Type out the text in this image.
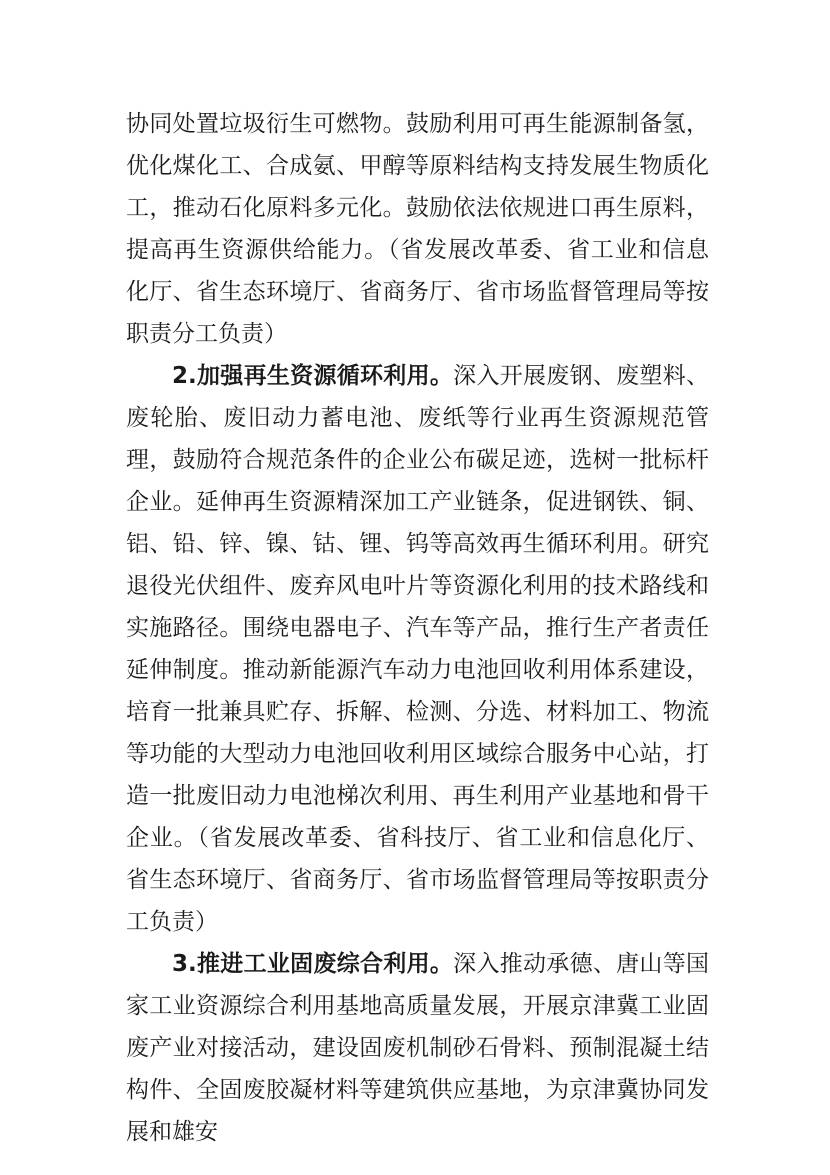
协同处置垃圾衍生可燃物。鼓励利用可再生能源制备氢，优化煤化工、合成氨、甲醇等原料结构支持发展生物质化工，推动石化原料多元化。鼓励依法依规进口再生原料，提高再生资源供给能力。（省发展改革委、省工业和信息化厅、省生态环境厅、省商务厅、省市场监督管理局等按职责分工负责）

2.加强再生资源循环利用。深入开展废钢、废塑料、废轮胎、废旧动力蓄电池、废纸等行业再生资源规范管理，鼓励符合规范条件的企业公布碳足迹，选树一批标杆企业。延伸再生资源精深加工产业链条，促进钢铁、铜、铝、铅、锌、镍、钴、锂、钨等高效再生循环利用。研究退役光伏组件、废弃风电叶片等资源化利用的技术路线和实施路径。围绕电器电子、汽车等产品，推行生产者责任延伸制度。推动新能源汽车动力电池回收利用体系建设，培育一批兼具贮存、拆解、检测、分选、材料加工、物流等功能的大型动力电池回收利用区域综合服务中心站，打造一批废旧动力电池梯次利用、再生利用产业基地和骨干企业。（省发展改革委、省科技厅、省工业和信息化厅、省生态环境厅、省商务厅、省市场监督管理局等按职责分工负责）

3.推进工业固废综合利用。深入推动承德、唐山等国家工业资源综合利用基地高质量发展，开展京津冀工业固废产业对接活动，建设固废机制砂石骨料、预制混凝土结构件、全固废胶凝材料等建筑供应基地，为京津冀协同发展和雄安
